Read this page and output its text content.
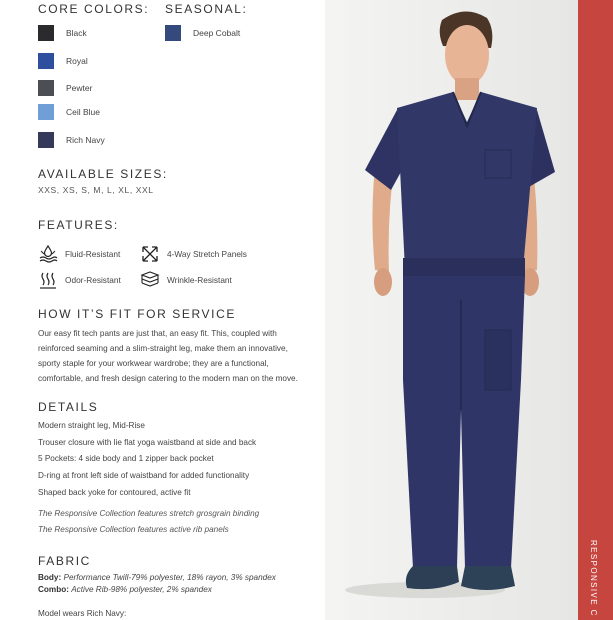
CORE COLORS:
Black
Royal
Pewter
Ceil Blue
Rich Navy
SEASONAL:
Deep Cobalt
AVAILABLE SIZES:
XXS, XS, S, M, L, XL, XXL
FEATURES:
Fluid-Resistant	4-Way Stretch Panels
Odor-Resistant	Wrinkle-Resistant
HOW IT’S FIT FOR SERVICE
Our easy fit tech pants are just that, an easy fit. This, coupled with
reinforced seaming and a slim-straight leg, make them an innovative,
sporty staple for your workwear wardrobe; they are a functional,
comfortable, and fresh design catering to the modern man on the move.
DETAILS
Modern straight leg, Mid-Rise
Trouser closure with lie flat yoga waistband at side and back
5 Pockets: 4 side body and 1 zipper back pocket
D-ring at front left side of waistband for added functionality
Shaped back yoke for contoured, active fit
The Responsive Collection features stretch grosgrain binding
The Responsive Collection features active rib panels
FABRIC
Body: Performance Twill-79% polyester, 18% rayon, 3% spandex
Combo: Active Rib-98% polyester, 2% spandex
Model wears Rich Navy:	RESPONSIVE C
